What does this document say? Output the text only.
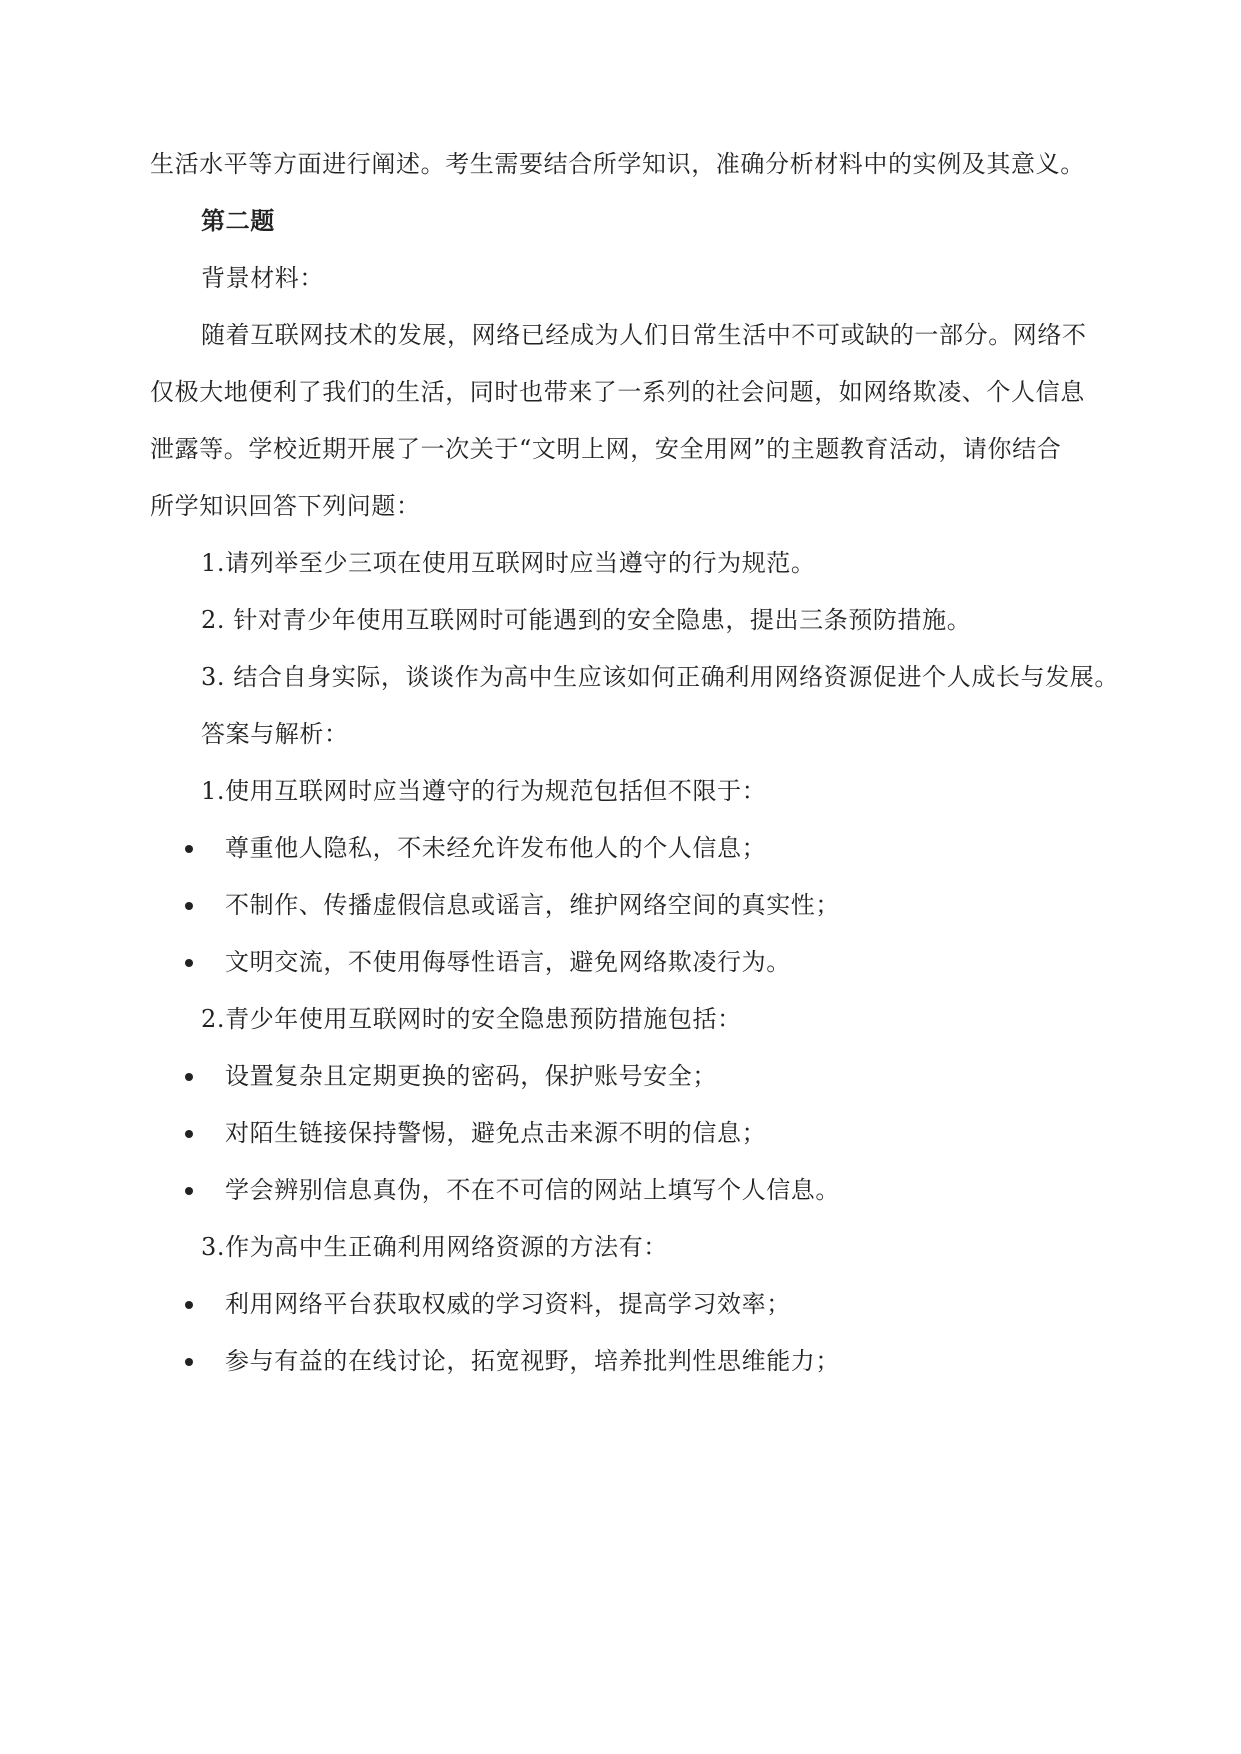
生活水平等方面进行阐述。考生需要结合所学知识，准确分析材料中的实例及其意义。
第二题
背景材料：
随着互联网技术的发展，网络已经成为人们日常生活中不可或缺的一部分。网络不
仅极大地便利了我们的生活，同时也带来了一系列的社会问题，如网络欺凌、个人信息
泄露等。学校近期开展了一次关于“文明上网，安全用网”的主题教育活动，请你结合
所学知识回答下列问题：
1.请列举至少三项在使用互联网时应当遵守的行为规范。
2. 针对青少年使用互联网时可能遇到的安全隐患，提出三条预防措施。
3. 结合自身实际，谈谈作为高中生应该如何正确利用网络资源促进个人成长与发展。
答案与解析：
1.使用互联网时应当遵守的行为规范包括但不限于：
尊重他人隐私，不未经允许发布他人的个人信息；
不制作、传播虚假信息或谣言，维护网络空间的真实性；
文明交流，不使用侮辱性语言，避免网络欺凌行为。
2.青少年使用互联网时的安全隐患预防措施包括：
设置复杂且定期更换的密码，保护账号安全；
对陌生链接保持警惕，避免点击来源不明的信息；
学会辨别信息真伪，不在不可信的网站上填写个人信息。
3.作为高中生正确利用网络资源的方法有：
利用网络平台获取权威的学习资料，提高学习效率；
参与有益的在线讨论，拓宽视野，培养批判性思维能力；
